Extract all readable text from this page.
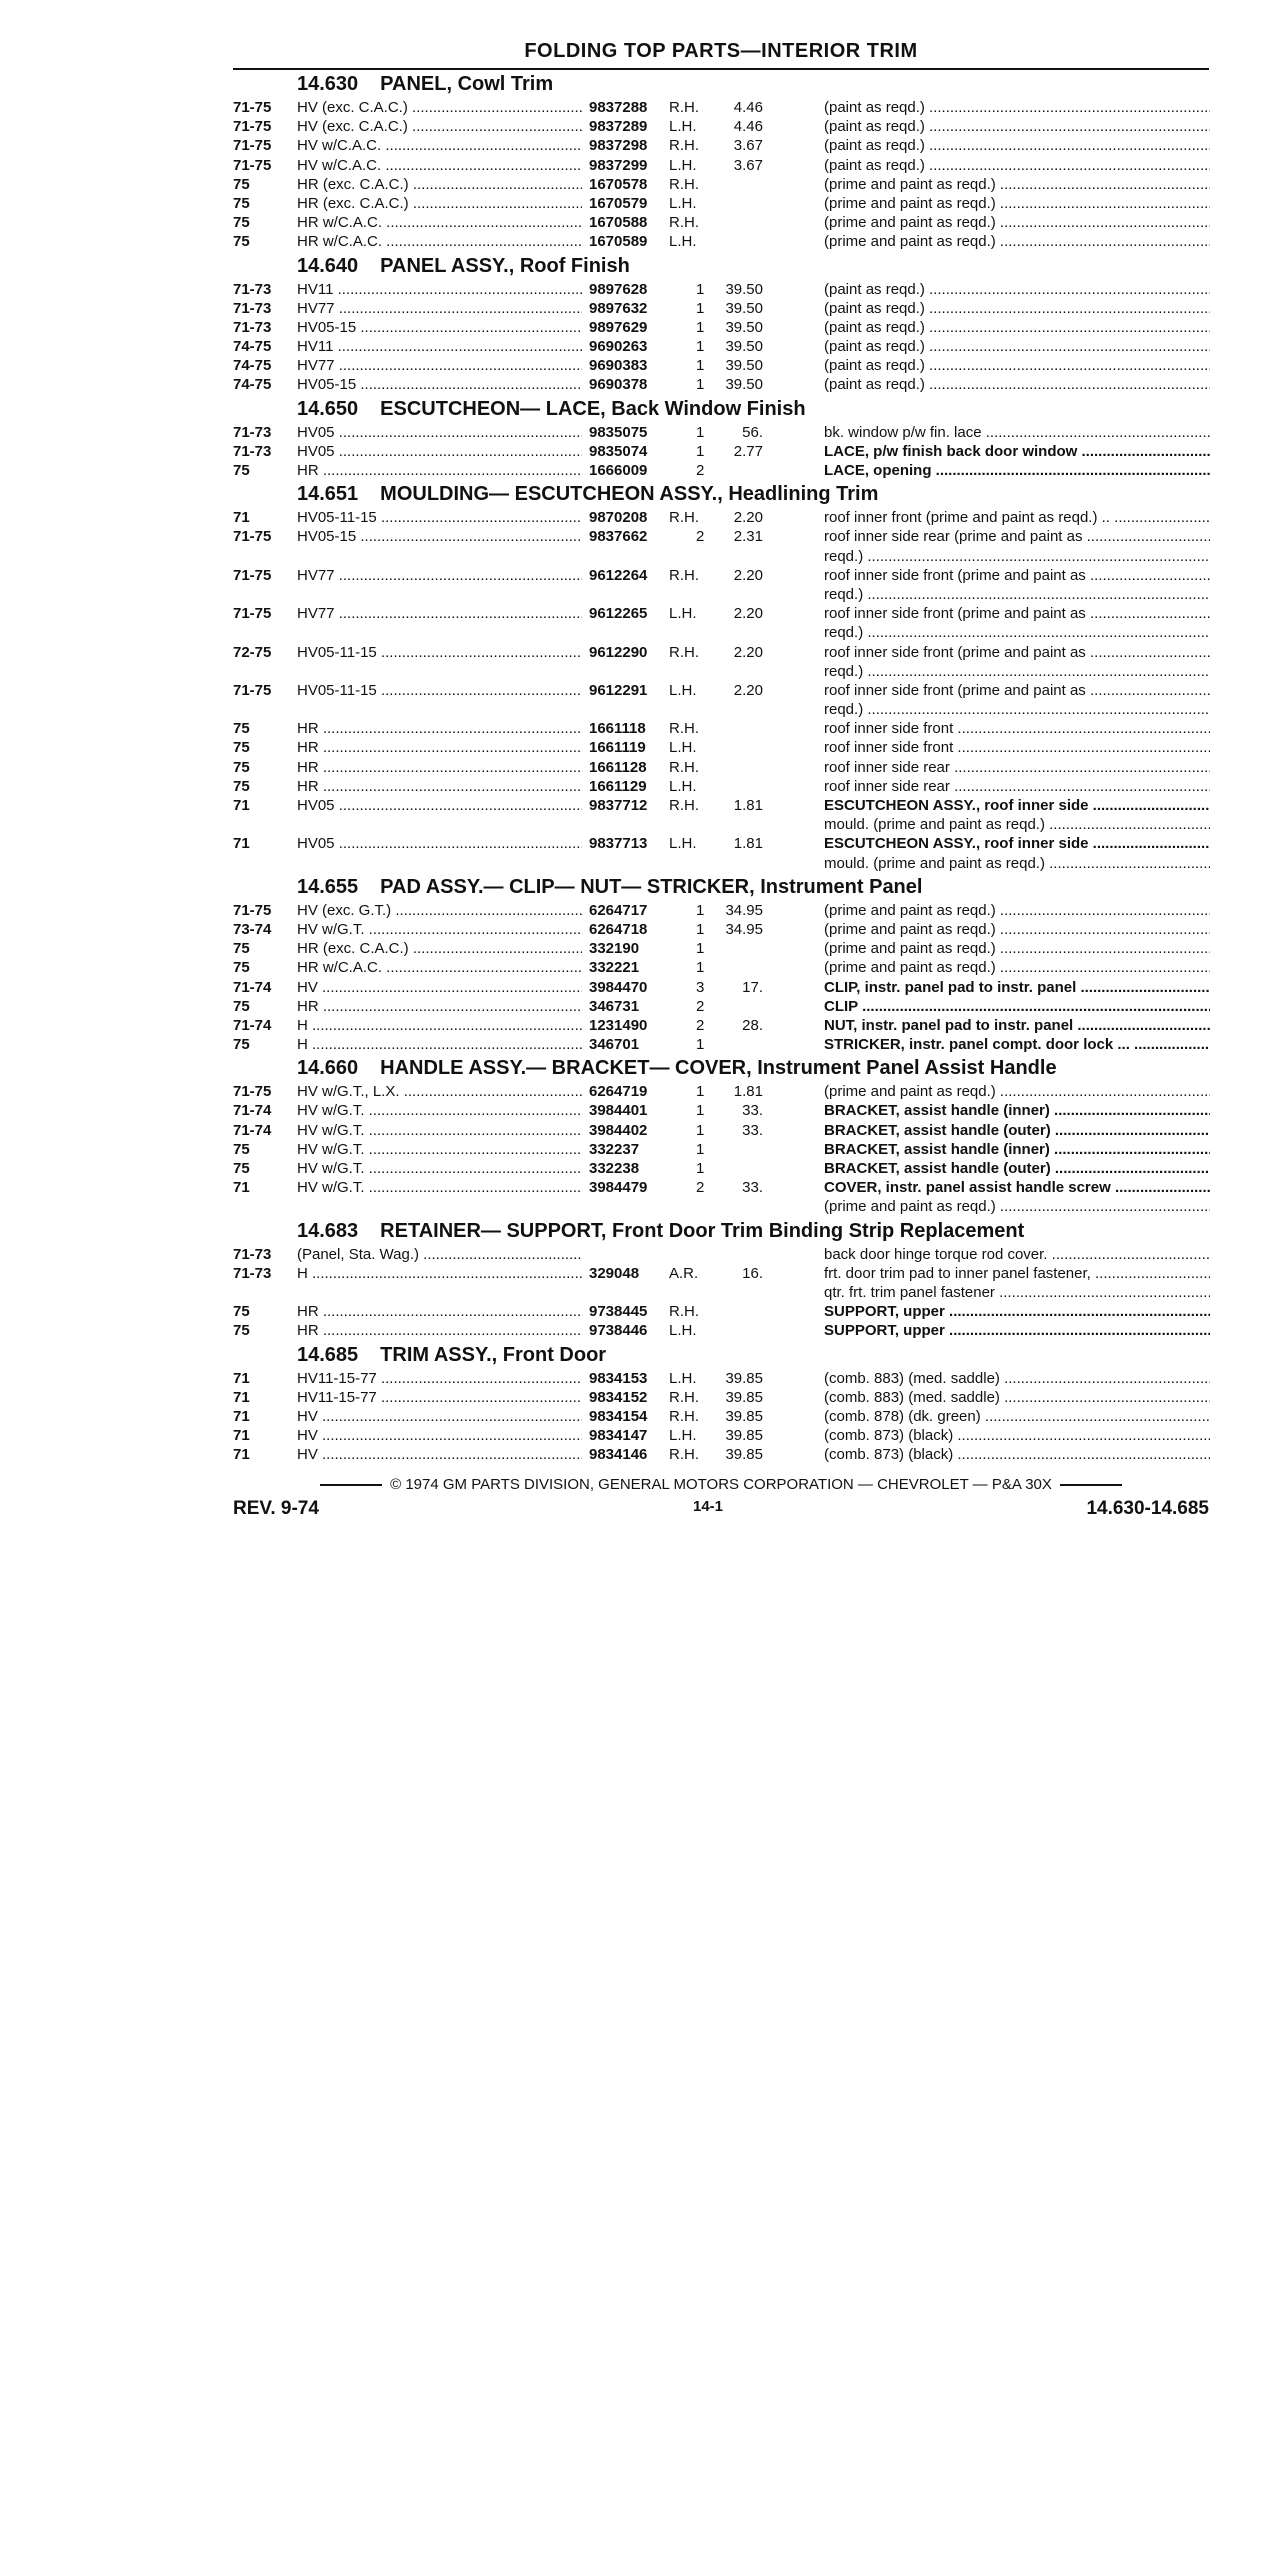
FOLDING TOP PARTS—INTERIOR TRIM
14.630 PANEL, Cowl Trim
71-75 HV (exc. C.A.C.) .....	9837288 R.H. 4.46	(paint as reqd.) .....
71-75 HV (exc. C.A.C.) .....	9837289 L.H. 4.46	(paint as reqd.) .....
71-75 HV w/C.A.C. .....	9837298 R.H. 3.67	(paint as reqd.) .....
71-75 HV w/C.A.C. .....	9837299 L.H. 3.67	(paint as reqd.) .....
75	HR (exc. C.A.C.) .....	1670578 R.H.	(prime and paint as reqd.) .....
75	HR (exc. C.A.C.) .....	1670579 L.H.	(prime and paint as reqd.) .....
75	HR w/C.A.C. .....	1670588 R.H.	(prime and paint as reqd.) .....
75	HR w/C.A.C. .....	1670589 L.H.	(prime and paint as reqd.) .....
14.640 PANEL ASSY., Roof Finish
71-73 HV11 .....	9897628	1 39.50	(paint as reqd.) .....
71-73 HV77 .....	9897632	1 39.50	(paint as reqd.) .....
71-73 HV05-15 .....	9897629	1 39.50	(paint as reqd.) .....
74-75 HV11 .....	9690263	1 39.50	(paint as reqd.) .....
74-75 HV77 .....	9690383	1 39.50	(paint as reqd.) .....
74-75 HV05-15 .....	9690378	1 39.50	(paint as reqd.) .....
14.650 ESCUTCHEON— LACE, Back Window Finish
71-73 HV05 .....	9835075	1	.56	bk. window p/w fin. lace .....
71-73 HV05 .....	9835074	1 2.77	LACE, p/w finish back door window .....
75	HR .....	1666009	2	LACE, opening .....
14.651 MOULDING— ESCUTCHEON ASSY., Headlining Trim
71	HV05-11-15 .....	9870208 R.H. 2.20	roof inner front (prime and paint as reqd.) .. .....
71-75 HV05-15 .....	9837662	2 2.31	roof inner side rear (prime and paint as .....
reqd.) .....
71-75 HV77 .....	9612264 R.H. 2.20	roof inner side front (prime and paint as .....
reqd.) .....
71-75 HV77 .....	9612265 L.H. 2.20	roof inner side front (prime and paint as .....
reqd.) .....
72-75 HV05-11-15 .....	9612290 R.H. 2.20	roof inner side front (prime and paint as .....
reqd.) .....
71-75 HV05-11-15 .....	9612291 L.H. 2.20	roof inner side front (prime and paint as .....
reqd.) .....
75	HR .....	1661118 R.H.	roof inner side front .....
75	HR .....	1661119 L.H.	roof inner side front .....
75	HR .....	1661128 R.H.	roof inner side rear .....
75	HR .....	1661129 L.H.	roof inner side rear .....
71	HV05 .....	9837712 R.H. 1.81	ESCUTCHEON ASSY., roof inner side .....
mould. (prime and paint as reqd.) .....
71	HV05 .....	9837713 L.H. 1.81	ESCUTCHEON ASSY., roof inner side .....
mould. (prime and paint as reqd.) .....
14.655 PAD ASSY.— CLIP— NUT— STRICKER, Instrument Panel
71-75 HV (exc. G.T.) .....	6264717	1 34.95	(prime and paint as reqd.) .....
73-74 HV w/G.T. .....	6264718	1 34.95	(prime and paint as reqd.) .....
75	HR (exc. C.A.C.) .....	332190	1	(prime and paint as reqd.) .....
75	HR w/C.A.C. .....	332221	1	(prime and paint as reqd.) .....
71-74 HV .....	3984470	3	.17	CLIP, instr. panel pad to instr. panel .....
75	HR .....	346731	2	CLIP .....
71-74 H .....	1231490	2	.28	NUT, instr. panel pad to instr. panel .....
75	H .....	346701	1	STRICKER, instr. panel compt. door lock ... .....
14.660 HANDLE ASSY.— BRACKET— COVER, Instrument Panel Assist Handle
71-75 HV w/G.T., L.X. .....	6264719	1 1.81	(prime and paint as reqd.) .....
71-74 HV w/G.T. .....	3984401	1	.33	BRACKET, assist handle (inner) .....
71-74 HV w/G.T. .....	3984402	1	.33	BRACKET, assist handle (outer) .....
75	HV w/G.T. .....	332237	1	BRACKET, assist handle (inner) .....
75	HV w/G.T. .....	332238	1	BRACKET, assist handle (outer) .....
71	HV w/G.T. .....	3984479	2	.33	COVER, instr. panel assist handle screw .....
(prime and paint as reqd.) .....
14.683 RETAINER— SUPPORT, Front Door Trim Binding Strip Replacement
71-73 (Panel, Sta. Wag.) .....	back door hinge torque rod cover. .....
71-73 H .....	329048 A.R.	.16	frt. door trim pad to inner panel fastener, .....
qtr. frt. trim panel fastener .....
75	HR .....	9738445 R.H.	SUPPORT, upper .....
75	HR .....	9738446 L.H.	SUPPORT, upper .....
14.685 TRIM ASSY., Front Door
71	HV11-15-77 .....	9834153 L.H. 39.85	(comb. 883) (med. saddle) .....
71	HV11-15-77 .....	9834152 R.H. 39.85	(comb. 883) (med. saddle) .....
71	HV .....	9834154 R.H. 39.85	(comb. 878) (dk. green) .....
71	HV .....	9834147 L.H. 39.85	(comb. 873) (black) .....
71	HV .....	9834146 R.H. 39.85	(comb. 873) (black) .....
© 1974 GM PARTS DIVISION, GENERAL MOTORS CORPORATION — CHEVROLET — P&A 30X
REV. 9-74	14-1	14.630-14.685
